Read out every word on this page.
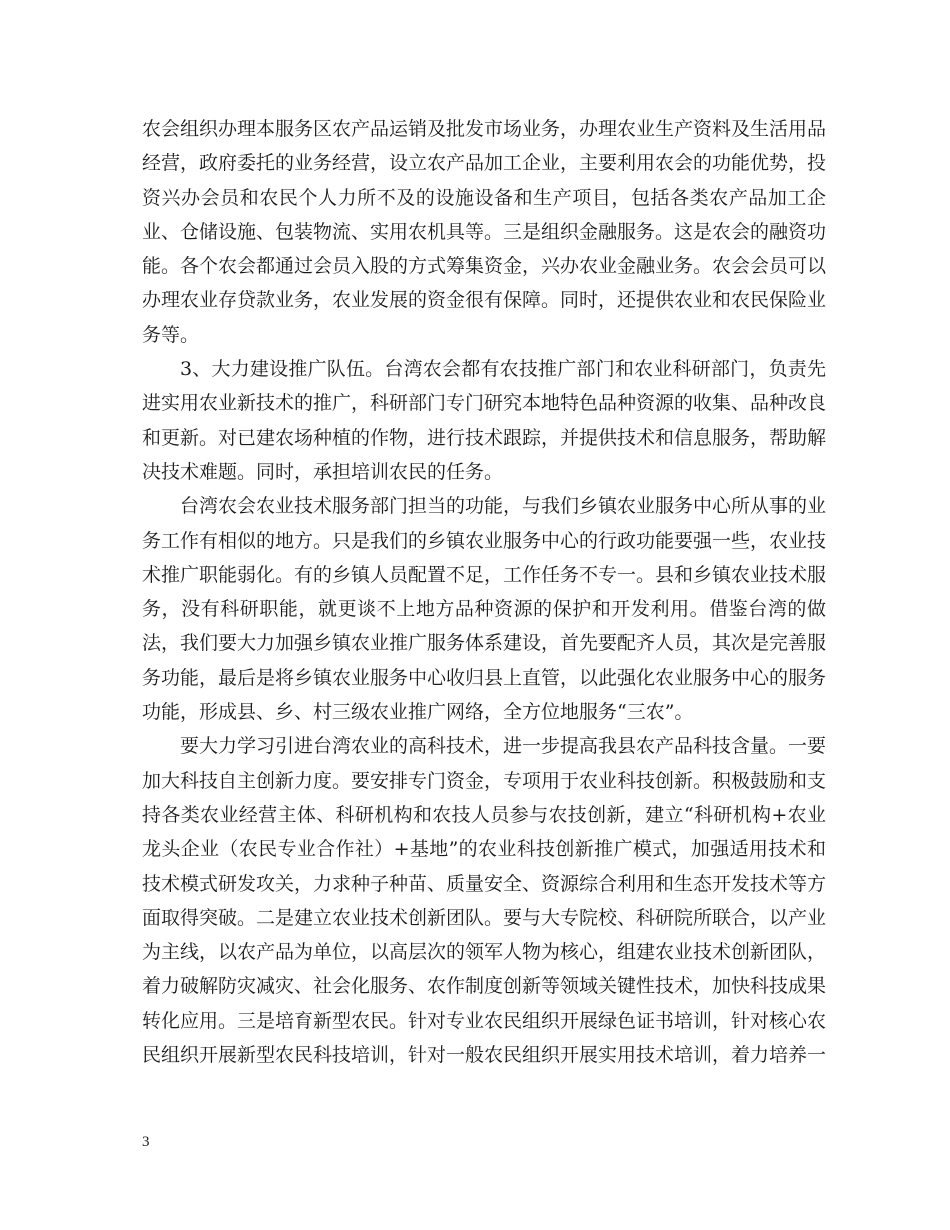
农会组织办理本服务区农产品运销及批发市场业务，办理农业生产资料及生活用品经营，政府委托的业务经营，设立农产品加工企业，主要利用农会的功能优势，投资兴办会员和农民个人力所不及的设施设备和生产项目，包括各类农产品加工企业、仓储设施、包装物流、实用农机具等。三是组织金融服务。这是农会的融资功能。各个农会都通过会员入股的方式筹集资金，兴办农业金融业务。农会会员可以办理农业存贷款业务，农业发展的资金很有保障。同时，还提供农业和农民保险业务等。

3、大力建设推广队伍。台湾农会都有农技推广部门和农业科研部门，负责先进实用农业新技术的推广，科研部门专门研究本地特色品种资源的收集、品种改良和更新。对已建农场种植的作物，进行技术跟踪，并提供技术和信息服务，帮助解决技术难题。同时，承担培训农民的任务。

台湾农会农业技术服务部门担当的功能，与我们乡镇农业服务中心所从事的业务工作有相似的地方。只是我们的乡镇农业服务中心的行政功能要强一些，农业技术推广职能弱化。有的乡镇人员配置不足，工作任务不专一。县和乡镇农业技术服务，没有科研职能，就更谈不上地方品种资源的保护和开发利用。借鉴台湾的做法，我们要大力加强乡镇农业推广服务体系建设，首先要配齐人员，其次是完善服务功能，最后是将乡镇农业服务中心收归县上直管，以此强化农业服务中心的服务功能，形成县、乡、村三级农业推广网络，全方位地服务“三农”。

要大力学习引进台湾农业的高科技术，进一步提高我县农产品科技含量。一要加大科技自主创新力度。要安排专门资金，专项用于农业科技创新。积极鼓励和支持各类农业经营主体、科研机构和农技人员参与农技创新，建立“科研机构+农业龙头企业（农民专业合作社）+基地”的农业科技创新推广模式，加强适用技术和技术模式研发攻关，力求种子种苗、质量安全、资源综合利用和生态开发技术等方面取得突破。二是建立农业技术创新团队。要与大专院校、科研院所联合，以产业为主线，以农产品为单位，以高层次的领军人物为核心，组建农业技术创新团队，着力破解防灾减灾、社会化服务、农作制度创新等领域关键性技术，加快科技成果转化应用。三是培育新型农民。针对专业农民组织开展绿色证书培训，针对核心农民组织开展新型农民科技培训，针对一般农民组织开展实用技术培训，着力培养一

3
